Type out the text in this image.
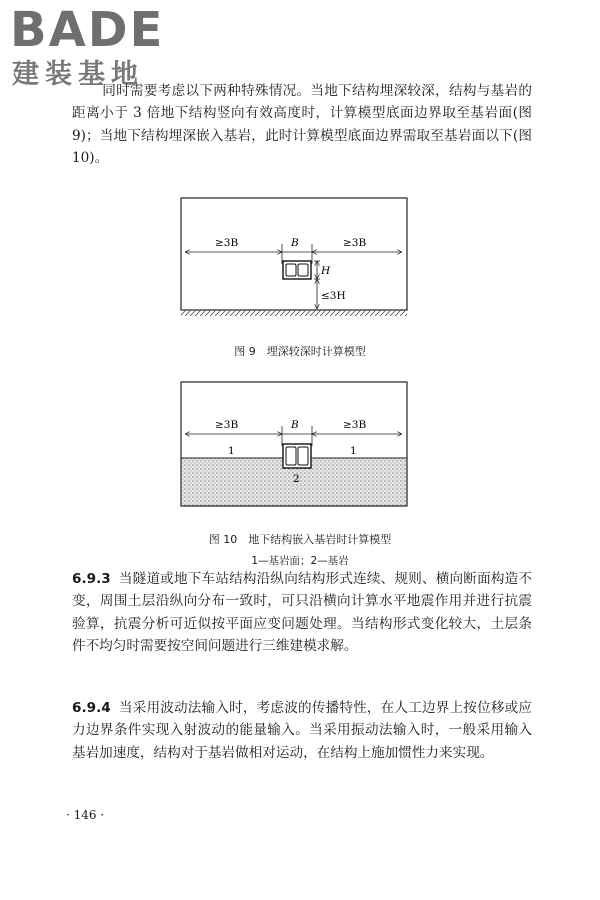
BADE
建装基地

同时需要考虑以下两种特殊情况。当地下结构埋深较深，结构与基岩的距离小于 3 倍地下结构竖向有效高度时，计算模型底面边界取至基岩面(图 9)；当地下结构埋深嵌入基岩，此时计算模型底面边界需取至基岩面以下(图 10)。

≥3B	B	≥3B
H
≤3H

图 9　埋深较深时计算模型

≥3B	B	≥3B
1	1
2

图 10　地下结构嵌入基岩时计算模型

1—基岩面；2—基岩

6.9.3 当隧道或地下车站结构沿纵向结构形式连续、规则、横向断面构造不变，周围土层沿纵向分布一致时，可只沿横向计算水平地震作用并进行抗震验算，抗震分析可近似按平面应变问题处理。当结构形式变化较大，土层条件不均匀时需要按空间问题进行三维建模求解。

6.9.4 当采用波动法输入时，考虑波的传播特性，在人工边界上按位移或应力边界条件实现入射波动的能量输入。当采用振动法输入时，一般采用输入基岩加速度，结构对于基岩做相对运动，在结构上施加惯性力来实现。

· 146 ·
